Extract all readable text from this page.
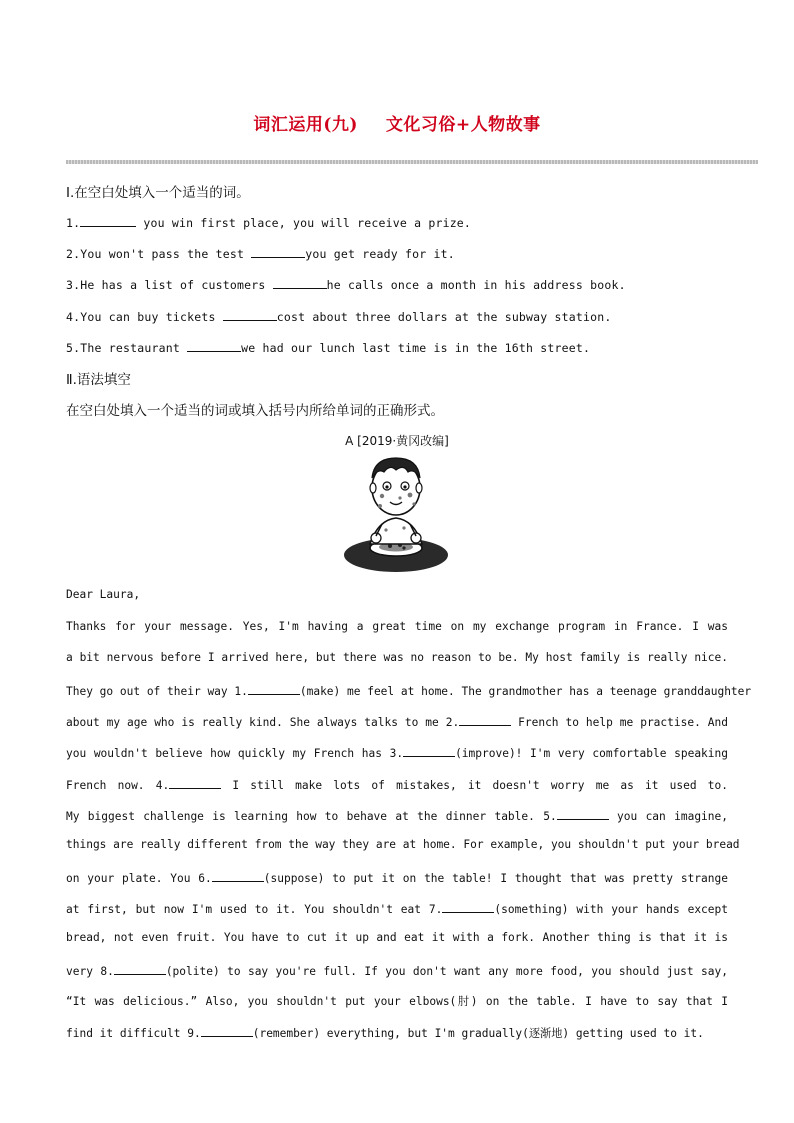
词汇运用(九) 文化习俗+人物故事
Ⅰ.在空白处填入一个适当的词。
1.	you win first place, you will receive a prize.
2.You won't pass the test	you get ready for it.
3.He has a list of customers	he calls once a month in his address book.
4.You can buy tickets	cost about three dollars at the subway station.
5.The restaurant	we had our lunch last time is in the 16th street.
Ⅱ.语法填空
在空白处填入一个适当的词或填入括号内所给单词的正确形式。
A [2019·黄冈改编]
Dear Laura,
Thanks for your message. Yes, I'm having a great time on my exchange program in France. I was
a bit nervous before I arrived here, but there was no reason to be. My host family is really nice.
They go out of their way 1.	(make) me feel at home. The grandmother has a teenage granddaughter
about my age who is really kind. She always talks to me 2.	French to help me practise. And
you wouldn't believe how quickly my French has 3.	(improve)! I'm very comfortable speaking
French now. 4.	I still make lots of mistakes, it doesn't worry me as it used to.
My biggest challenge is learning how to behave at the dinner table. 5.	you can imagine,
things are really different from the way they are at home. For example, you shouldn't put your bread
on your plate. You 6.	(suppose) to put it on the table! I thought that was pretty strange
at first, but now I'm used to it. You shouldn't eat 7.	(something) with your hands except
bread, not even fruit. You have to cut it up and eat it with a fork. Another thing is that it is
very 8.	(polite) to say you're full. If you don't want any more food, you should just say,
“It was delicious.” Also, you shouldn't put your elbows(肘) on the table. I have to say that I
find it difficult 9.	(remember) everything, but I'm gradually(逐渐地) getting used to it.
